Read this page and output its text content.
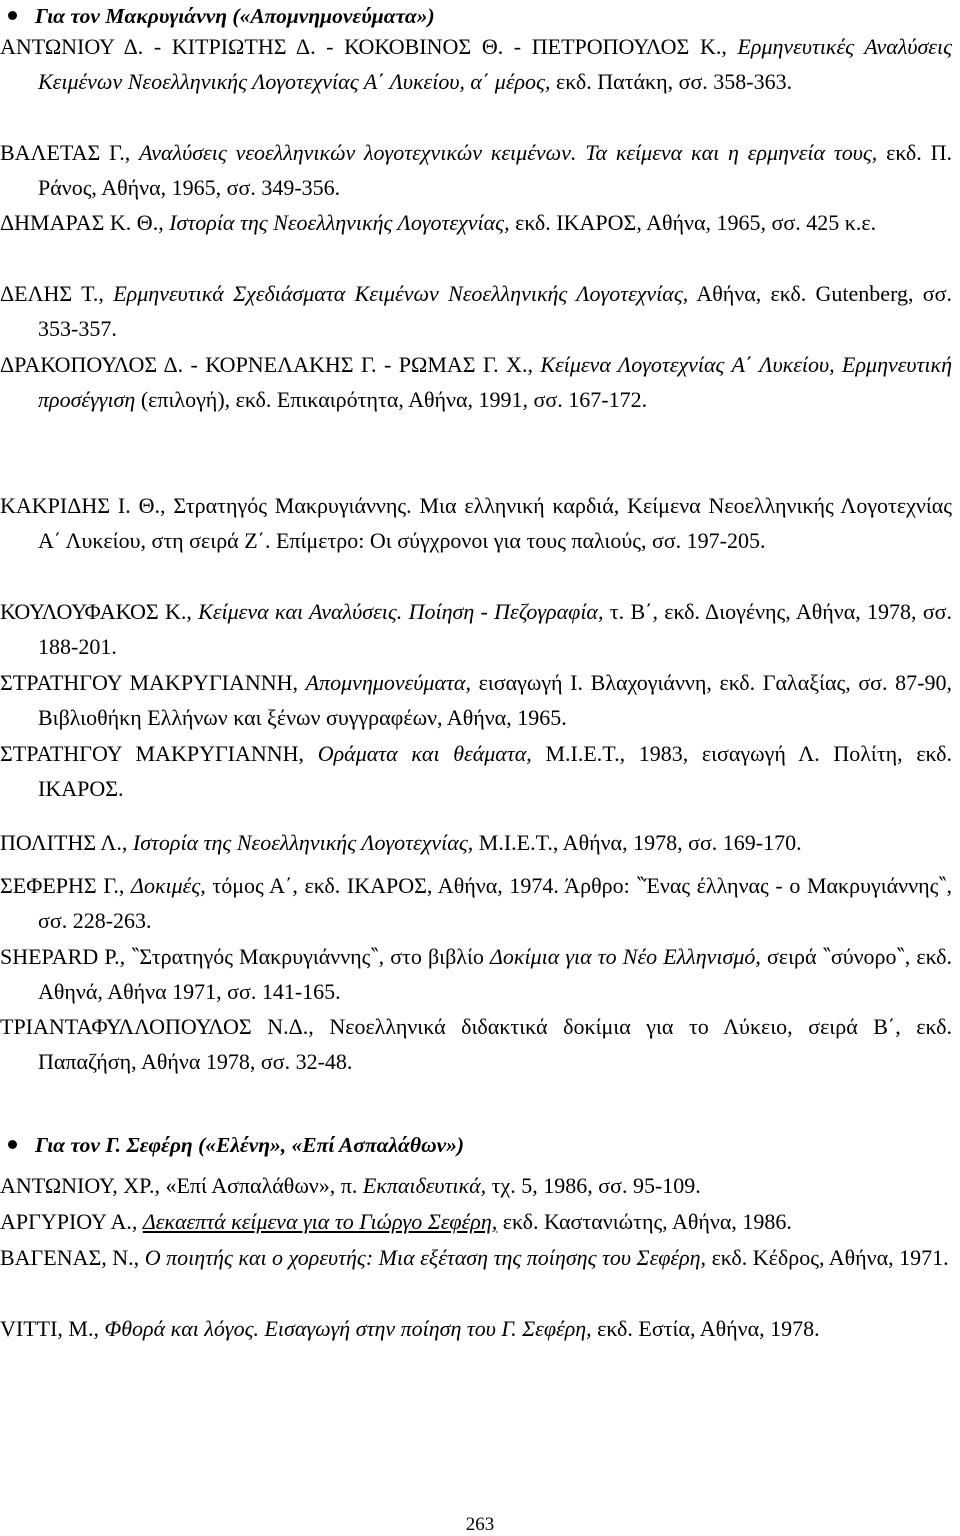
Για τον Μακρυγιάννη («Απομνημονεύματα»)
ΑΝΤΩΝΙΟΥ Δ. - ΚΙΤΡΙΩΤΗΣ Δ. - ΚΟΚΟΒΙΝΟΣ Θ. - ΠΕΤΡΟΠΟΥΛΟΣ Κ., Ερμηνευτικές Αναλύσεις Κειμένων Νεοελληνικής Λογοτεχνίας Α΄ Λυκείου, α΄ μέρος, εκδ. Πατάκη, σσ. 358-363.
ΒΑΛΕΤΑΣ Γ., Αναλύσεις νεοελληνικών λογοτεχνικών κειμένων. Τα κείμενα και η ερμηνεία τους, εκδ. Π. Ράνος, Αθήνα, 1965, σσ. 349-356.
ΔΗΜΑΡΑΣ Κ. Θ., Ιστορία της Νεοελληνικής Λογοτεχνίας, εκδ. ΙΚΑΡΟΣ, Αθήνα, 1965, σσ. 425 κ.ε.
ΔΕΛΗΣ Τ., Ερμηνευτικά Σχεδιάσματα Κειμένων Νεοελληνικής Λογοτεχνίας, Αθήνα, εκδ. Gutenberg, σσ. 353-357.
ΔΡΑΚΟΠΟΥΛΟΣ Δ. - ΚΟΡΝΕΛΑΚΗΣ Γ. - ΡΩΜΑΣ Γ. Χ., Κείμενα Λογοτεχνίας Α΄ Λυκείου, Ερμηνευτική προσέγγιση (επιλογή), εκδ. Επικαιρότητα, Αθήνα, 1991, σσ. 167-172.
ΚΑΚΡΙΔΗΣ Ι. Θ., Στρατηγός Μακρυγιάννης. Μια ελληνική καρδιά, Κείμενα Νεοελληνικής Λογοτεχνίας Α΄ Λυκείου, στη σειρά Ζ΄. Επίμετρο: Οι σύγχρονοι για τους παλιούς, σσ. 197-205.
ΚΟΥΛΟΥΦΑΚΟΣ Κ., Κείμενα και Αναλύσεις. Ποίηση - Πεζογραφία, τ. Β΄, εκδ. Διογένης, Αθήνα, 1978, σσ. 188-201.
ΣΤΡΑΤΗΓΟΥ ΜΑΚΡΥΓΙΑΝΝΗ, Απομνημονεύματα, εισαγωγή Ι. Βλαχογιάννη, εκδ. Γαλαξίας, σσ. 87-90, Βιβλιοθήκη Ελλήνων και ξένων συγγραφέων, Αθήνα, 1965.
ΣΤΡΑΤΗΓΟΥ ΜΑΚΡΥΓΙΑΝΝΗ, Οράματα και θεάματα, Μ.Ι.Ε.Τ., 1983, εισαγωγή Λ. Πολίτη, εκδ. ΙΚΑΡΟΣ.
ΠΟΛΙΤΗΣ Λ., Ιστορία της Νεοελληνικής Λογοτεχνίας, Μ.Ι.Ε.Τ., Αθήνα, 1978, σσ. 169-170.
ΣΕΦΕΡΗΣ Γ., Δοκιμές, τόμος Α΄, εκδ. ΙΚΑΡΟΣ, Αθήνα, 1974. Άρθρο: ‶Ένας έλληνας - ο Μακρυγιάννης‶, σσ. 228-263.
SHEPARD P., ‶Στρατηγός Μακρυγιάννης‶, στο βιβλίο Δοκίμια για το Νέο Ελληνισμό, σειρά ‶σύνορο‶, εκδ. Αθηνά, Αθήνα 1971, σσ. 141-165.
ΤΡΙΑΝΤΑΦΥΛΛΟΠΟΥΛΟΣ Ν.Δ., Νεοελληνικά διδακτικά δοκίμια για το Λύκειο, σειρά Β΄, εκδ. Παπαζήση, Αθήνα 1978, σσ. 32-48.
Για τον Γ. Σεφέρη («Ελένη», «Επί Ασπαλάθων»)
ΑΝΤΩΝΙΟΥ, ΧΡ., «Επί Ασπαλάθων», π. Εκπαιδευτικά, τχ. 5, 1986, σσ. 95-109.
ΑΡΓΥΡΙΟΥ Α., Δεκαεπτά κείμενα για το Γιώργο Σεφέρη, εκδ. Καστανιώτης, Αθήνα, 1986.
ΒΑΓΕΝΑΣ, Ν., Ο ποιητής και ο χορευτής: Μια εξέταση της ποίησης του Σεφέρη, εκδ. Κέδρος, Αθήνα, 1971.
VITTI, M., Φθορά και λόγος. Εισαγωγή στην ποίηση του Γ. Σεφέρη, εκδ. Εστία, Αθήνα, 1978.
263
